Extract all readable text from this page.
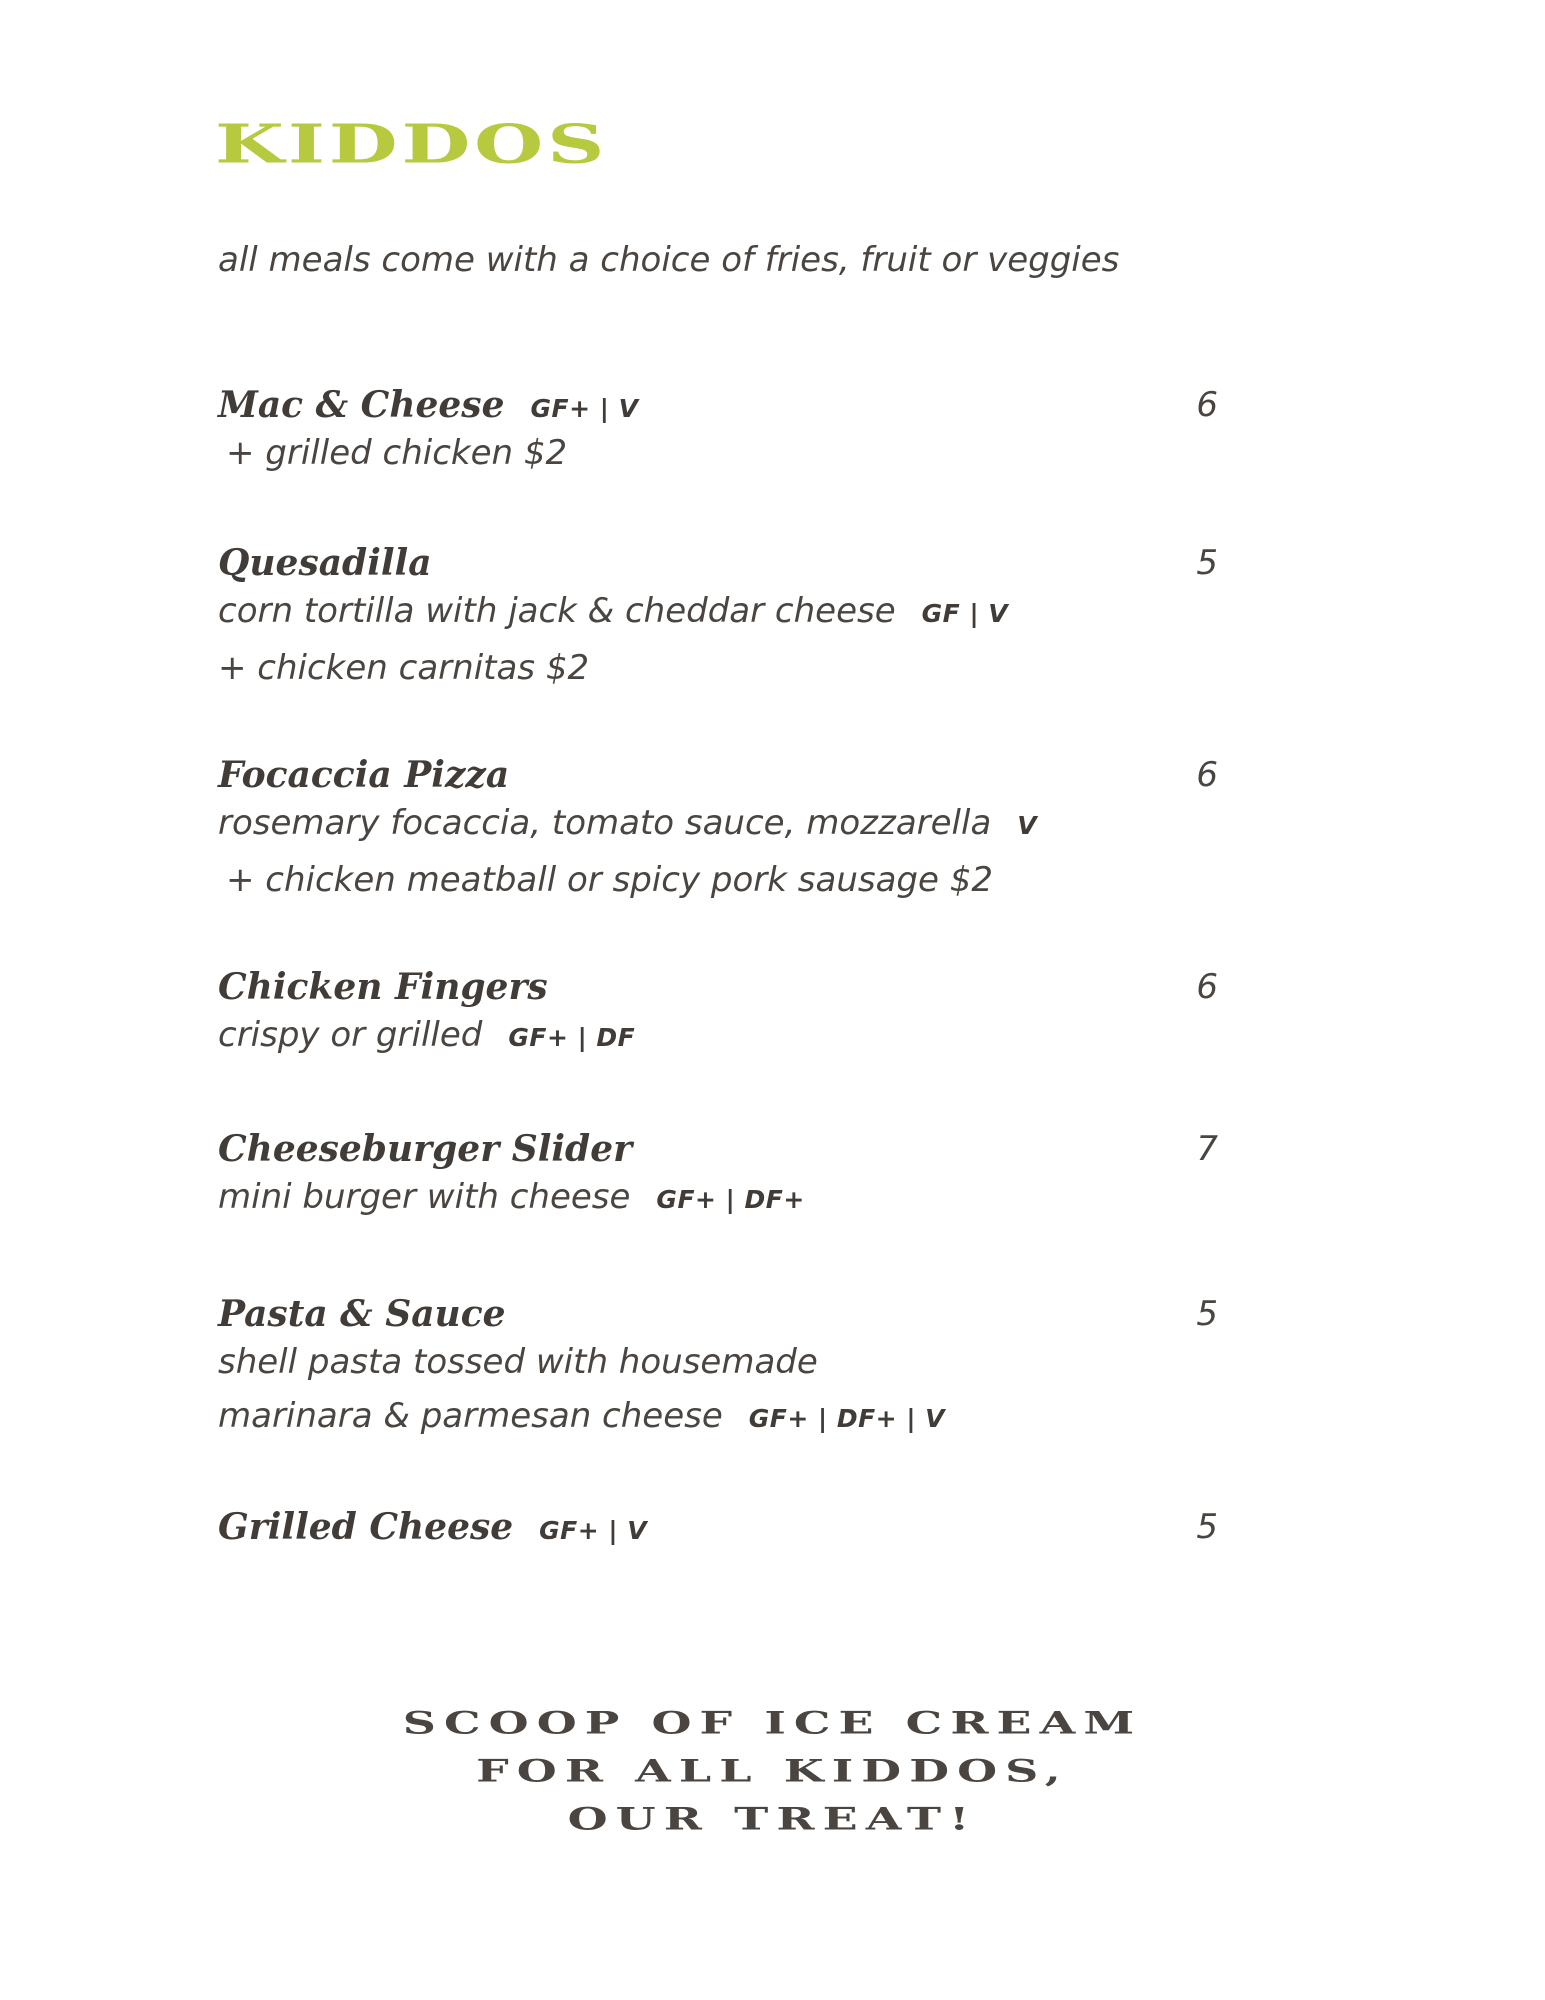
KIDDOS
all meals come with a choice of fries, fruit or veggies
Mac & Cheese GF+ | V	6
+ grilled chicken $2
Quesadilla	5
corn tortilla with jack & cheddar cheese GF | V
+ chicken carnitas $2
Focaccia Pizza	6
rosemary focaccia, tomato sauce, mozzarella V
+ chicken meatball or spicy pork sausage $2
Chicken Fingers	6
crispy or grilled GF+ | DF
Cheeseburger Slider	7
mini burger with cheese GF+ | DF+
Pasta & Sauce	5
shell pasta tossed with housemade
marinara & parmesan cheese GF+ | DF+ | V
Grilled Cheese GF+ | V	5
SCOOP OF ICE CREAM
FOR ALL KIDDOS,
OUR TREAT!
